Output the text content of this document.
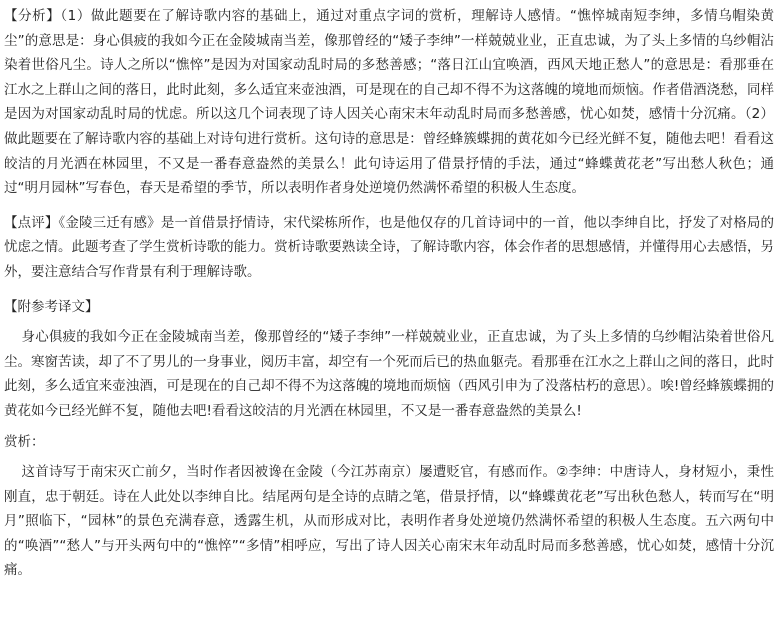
【分析】（1）做此题要在了解诗歌内容的基础上，通过对重点字词的赏析，理解诗人感情。“憔悴城南短李绅，多情乌帽染黄尘”的意思是：身心俱疲的我如今正在金陵城南当差，像那曾经的“矮子李绅”一样兢兢业业，正直忠诚，为了头上多情的乌纱帽沾染着世俗凡尘。诗人之所以“憔悴”是因为对国家动乱时局的多愁善感；“落日江山宜唤酒，西风天地正愁人”的意思是：看那垂在江水之上群山之间的落日，此时此刻，多么适宜来壶浊酒，可是现在的自己却不得不为这落魄的境地而烦恼。作者借酒浇愁，同样是因为对国家动乱时局的忧虑。所以这几个词表现了诗人因关心南宋末年动乱时局而多愁善感，忧心如焚，感情十分沉痛。（2）做此题要在了解诗歌内容的基础上对诗句进行赏析。这句诗的意思是：曾经蜂簇蝶拥的黄花如今已经光鲜不复，随他去吧！看看这皎洁的月光洒在林园里，不又是一番春意盎然的美景么！此句诗运用了借景抒情的手法，通过“蜂蝶黄花老”写出愁人秋色；通过“明月园林”写春色，春天是希望的季节，所以表明作者身处逆境仍然满怀希望的积极人生态度。

【点评】《金陵三迁有感》是一首借景抒情诗，宋代梁栋所作，也是他仅存的几首诗词中的一首，他以李绅自比，抒发了对格局的忧虑之情。此题考查了学生赏析诗歌的能力。赏析诗歌要熟读全诗，了解诗歌内容，体会作者的思想感情，并懂得用心去感悟，另外，要注意结合写作背景有利于理解诗歌。

【附参考译文】

身心俱疲的我如今正在金陵城南当差，像那曾经的“矮子李绅”一样兢兢业业，正直忠诚，为了头上多情的乌纱帽沾染着世俗凡尘。寒窗苦读，却了不了男儿的一身事业，阅历丰富，却空有一个死而后已的热血躯壳。看那垂在江水之上群山之间的落日，此时此刻，多么适宜来壶浊酒，可是现在的自己却不得不为这落魄的境地而烦恼（西风引申为了没落枯朽的意思）。唉!曾经蜂簇蝶拥的黄花如今已经光鲜不复，随他去吧!看看这皎洁的月光洒在林园里，不又是一番春意盎然的美景么!

赏析：

这首诗写于南宋灭亡前夕，当时作者因被谗在金陵（今江苏南京）屡遭贬官，有感而作。②李绅：中唐诗人，身材短小，秉性刚直，忠于朝廷。诗在人此处以李绅自比。结尾两句是全诗的点睛之笔，借景抒情，以“蜂蝶黄花老”写出秋色愁人，转而写在“明月”照临下，“园林”的景色充满春意，透露生机，从而形成对比，表明作者身处逆境仍然满怀希望的积极人生态度。五六两句中的“唤酒”“愁人”与开头两句中的“憔悴”“多情”相呼应，写出了诗人因关心南宋末年动乱时局而多愁善感，忧心如焚，感情十分沉痛。
